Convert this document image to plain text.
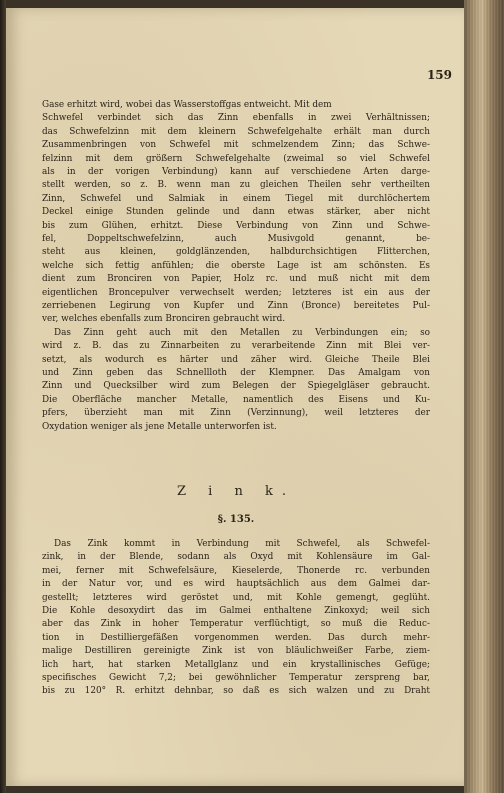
159
Gase erhitzt wird, wobei das Wasserstoffgas entweicht. Mit dem
Schwefel verbindet sich das Zinn ebenfalls in zwei Verhältnissen;
das Schwefelzinn mit dem kleinern Schwefelgehalte erhält man durch
Zusammenbringen von Schwefel mit schmelzendem Zinn; das Schwe-
felzinn mit dem größern Schwefelgehalte (zweimal so viel Schwefel
als in der vorigen Verbindung) kann auf verschiedene Arten darge-
stellt werden, so z. B. wenn man zu gleichen Theilen sehr vertheilten
Zinn, Schwefel und Salmiak in einem Tiegel mit durchlöchertem
Deckel einige Stunden gelinde und dann etwas stärker, aber nicht
bis zum Glühen, erhitzt. Diese Verbindung von Zinn und Schwe-
fel, Doppeltschwefelzinn, auch Musivgold genannt, be-
steht aus kleinen, goldglänzenden, halbdurchsichtigen Flitterchen,
welche sich fettig anfühlen; die oberste Lage ist am schönsten. Es
dient zum Bronciren von Papier, Holz rc. und muß nicht mit dem
eigentlichen Broncepulver verwechselt werden; letzteres ist ein aus der
zerriebenen Legirung von Kupfer und Zinn (Bronce) bereitetes Pul-
ver, welches ebenfalls zum Bronciren gebraucht wird.
Das Zinn geht auch mit den Metallen zu Verbindungen ein; so
wird z. B. das zu Zinnarbeiten zu verarbeitende Zinn mit Blei ver-
setzt, als wodurch es härter und zäher wird. Gleiche Theile Blei
und Zinn geben das Schnellloth der Klempner. Das Amalgam von
Zinn und Quecksilber wird zum Belegen der Spiegelgläser gebraucht.
Die Oberfläche mancher Metalle, namentlich des Eisens und Ku-
pfers, überzieht man mit Zinn (Verzinnung), weil letzteres der
Oxydation weniger als jene Metalle unterworfen ist.
Z i n k.
§. 135.
Das Zink kommt in Verbindung mit Schwefel, als Schwefel-
zink, in der Blende, sodann als Oxyd mit Kohlensäure im Gal-
mei, ferner mit Schwefelsäure, Kieselerde, Thonerde rc. verbunden
in der Natur vor, und es wird hauptsächlich aus dem Galmei dar-
gestellt; letzteres wird geröstet und, mit Kohle gemengt, geglüht.
Die Kohle desoxydirt das im Galmei enthaltene Zinkoxyd; weil sich
aber das Zink in hoher Temperatur verflüchtigt, so muß die Reduc-
tion in Destilliergefäßen vorgenommen werden. Das durch mehr-
malige Destilliren gereinigte Zink ist von bläulichweißer Farbe, ziem-
lich hart, hat starken Metallglanz und ein krystallinisches Gefüge;
specifisches Gewicht 7,2; bei gewöhnlicher Temperatur zerspreng bar,
bis zu 120° R. erhitzt dehnbar, so daß es sich walzen und zu Draht
